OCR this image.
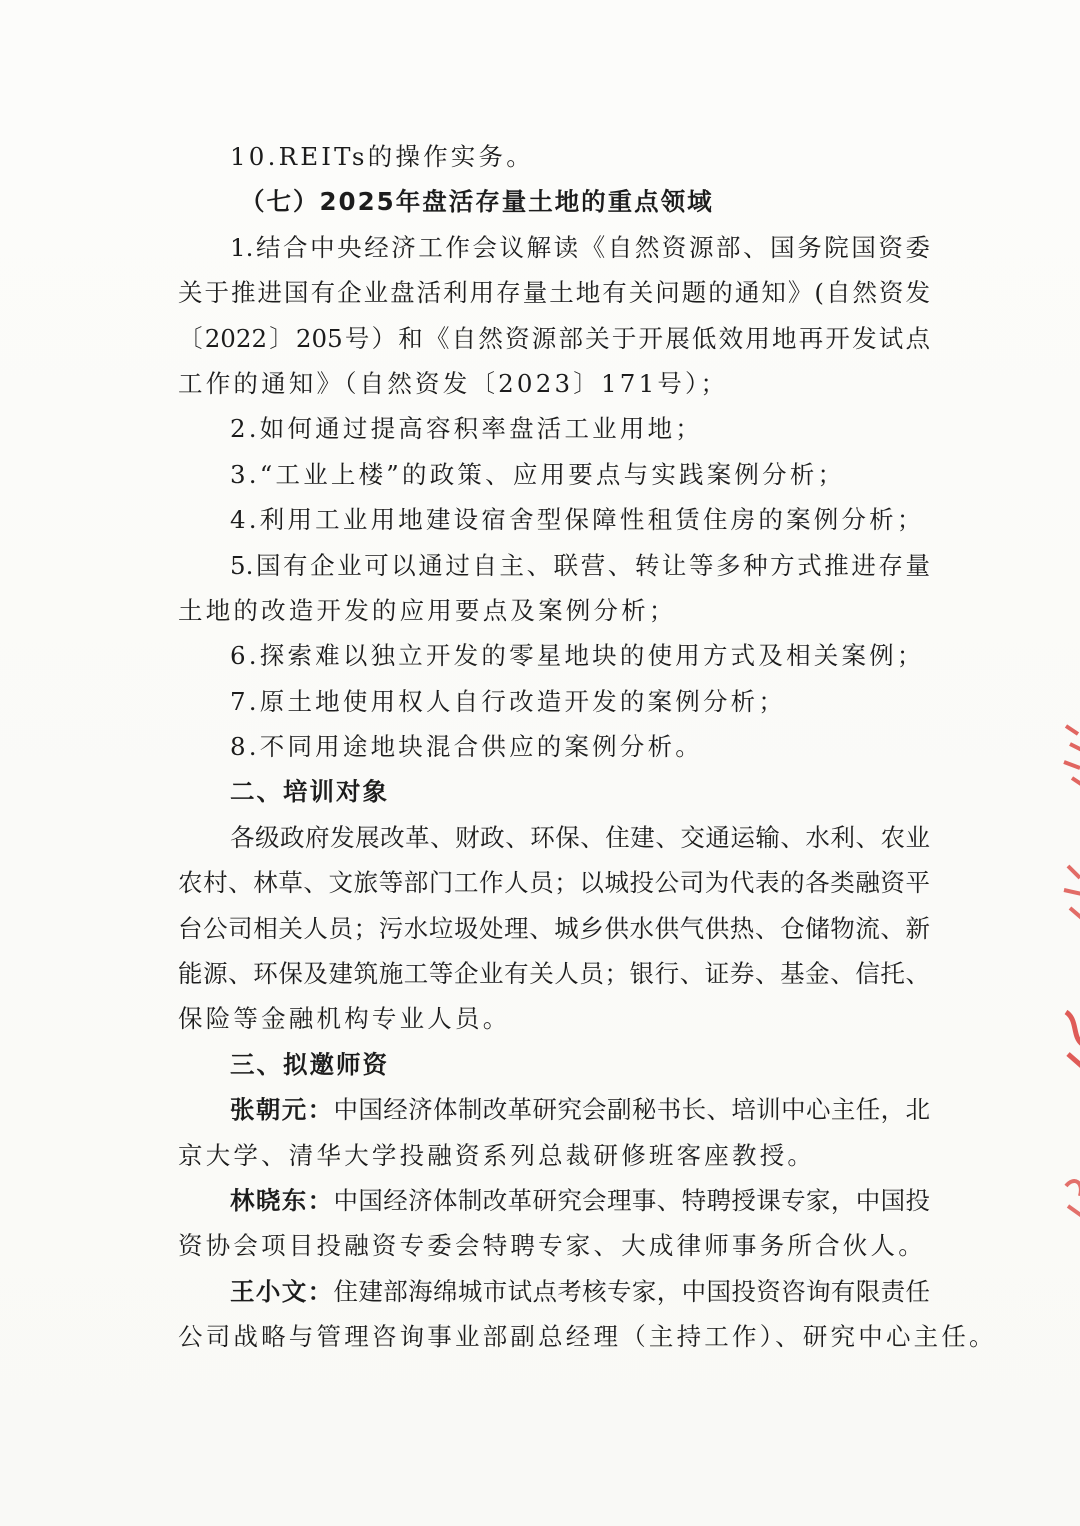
10.REITs的操作实务。
（七）2025年盘活存量土地的重点领域
1.结合中央经济工作会议解读《自然资源部、国务院国资委
关于推进国有企业盘活利用存量土地有关问题的通知》(自然资发
〔2022〕205号）和《自然资源部关于开展低效用地再开发试点
工作的通知》（自然资发〔2023〕171号）；
2.如何通过提高容积率盘活工业用地；
3.“工业上楼”的政策、应用要点与实践案例分析；
4.利用工业用地建设宿舍型保障性租赁住房的案例分析；
5.国有企业可以通过自主、联营、转让等多种方式推进存量
土地的改造开发的应用要点及案例分析；
6.探索难以独立开发的零星地块的使用方式及相关案例；
7.原土地使用权人自行改造开发的案例分析；
8.不同用途地块混合供应的案例分析。
二、培训对象
各级政府发展改革、财政、环保、住建、交通运输、水利、农业
农村、林草、文旅等部门工作人员；以城投公司为代表的各类融资平
台公司相关人员；污水垃圾处理、城乡供水供气供热、仓储物流、新
能源、环保及建筑施工等企业有关人员；银行、证券、基金、信托、
保险等金融机构专业人员。
三、拟邀师资
张朝元：中国经济体制改革研究会副秘书长、培训中心主任，北
京大学、清华大学投融资系列总裁研修班客座教授。
林晓东：中国经济体制改革研究会理事、特聘授课专家，中国投
资协会项目投融资专委会特聘专家、大成律师事务所合伙人。
王小文：住建部海绵城市试点考核专家，中国投资咨询有限责任
公司战略与管理咨询事业部副总经理（主持工作）、研究中心主任。
